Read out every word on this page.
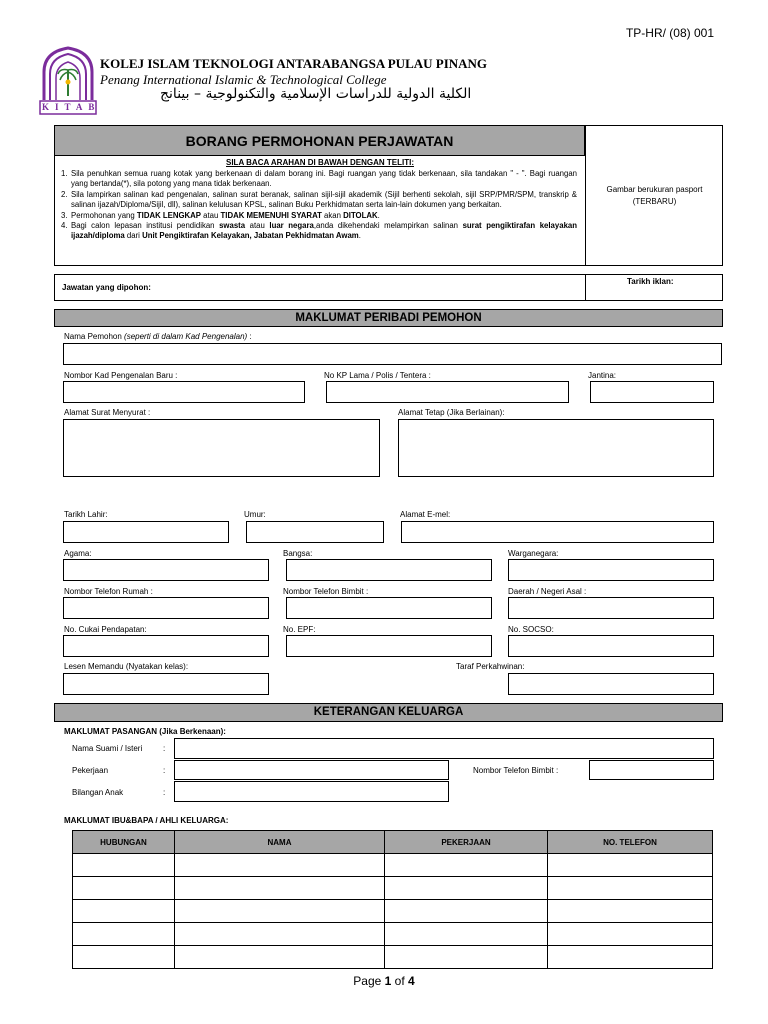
TP-HR/ (08) 001
KITAB
KOLEJ ISLAM TEKNOLOGI ANTARABANGSA PULAU PINANG
Penang International Islamic & Technological College
الكلية الدولية للدراسات الإسلامية والتكنولوجية – بينانج
BORANG PERMOHONAN PERJAWATAN
SILA BACA ARAHAN DI BAWAH DENGAN TELITI:
1. Sila penuhkan semua ruang kotak yang berkenaan di dalam borang ini. Bagi ruangan yang tidak berkenaan, sila tandakan " - ". Bagi ruangan yang bertanda(*), sila potong yang mana tidak berkenaan.
2. Sila lampirkan salinan kad pengenalan, salinan surat beranak, salinan sijil-sijil akademik (Sijil berhenti sekolah, sijil SRP/PMR/SPM, transkrip & salinan ijazah/Diploma/Sijil, dll), salinan kelulusan KPSL, salinan Buku Perkhidmatan serta lain-lain dokumen yang berkaitan.
3. Permohonan yang TIDAK LENGKAP atau TIDAK MEMENUHI SYARAT akan DITOLAK.
4. Bagi calon lepasan institusi pendidikan swasta atau luar negara,anda dikehendaki melampirkan salinan surat pengiktirafan kelayakan ijazah/diploma dari Unit Pengiktirafan Kelayakan, Jabatan Pekhidmatan Awam.
Gambar berukuran pasport
(TERBARU)
Jawatan yang dipohon:
Tarikh iklan:
MAKLUMAT PERIBADI PEMOHON
Nama Pemohon (seperti di dalam Kad Pengenalan) :
Nombor Kad Pengenalan Baru :	No KP Lama / Polis / Tentera :	Jantina:
Alamat Surat Menyurat :	Alamat Tetap (Jika Berlainan):
Tarikh Lahir:	Umur:	Alamat E-mel:
Agama:	Bangsa:	Warganegara:
Nombor Telefon Rumah :	Nombor Telefon Bimbit :	Daerah / Negeri Asal :
No. Cukai Pendapatan:	No. EPF:	No. SOCSO:
Lesen Memandu (Nyatakan kelas):	Taraf Perkahwinan:
KETERANGAN KELUARGA
MAKLUMAT PASANGAN (Jika Berkenaan):
Nama Suami / Isteri	:
Pekerjaan	:	Nombor Telefon Bimbit :
Bilangan Anak	:
MAKLUMAT IBU&BAPA / AHLI KELUARGA:
HUBUNGAN	NAMA	PEKERJAAN	NO. TELEFON

Page 1 of 4
